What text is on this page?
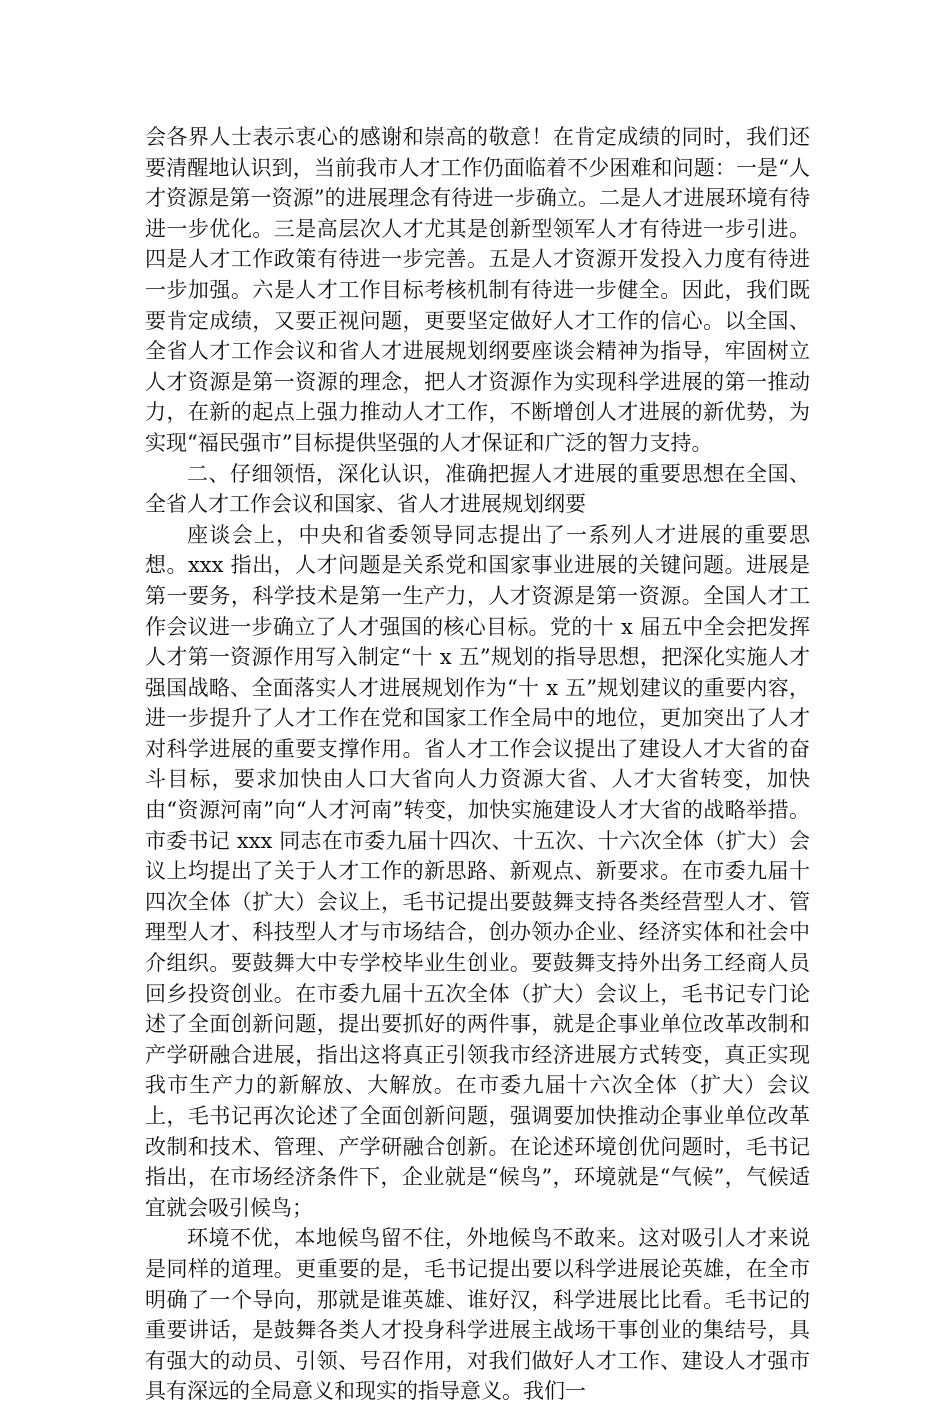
会各界人士表示衷心的感谢和崇高的敬意！在肯定成绩的同时，我们还要清醒地认识到，当前我市人才工作仍面临着不少困难和问题：一是“人才资源是第一资源”的进展理念有待进一步确立。二是人才进展环境有待进一步优化。三是高层次人才尤其是创新型领军人才有待进一步引进。四是人才工作政策有待进一步完善。五是人才资源开发投入力度有待进一步加强。六是人才工作目标考核机制有待进一步健全。因此，我们既要肯定成绩，又要正视问题，更要坚定做好人才工作的信心。以全国、全省人才工作会议和省人才进展规划纲要座谈会精神为指导，牢固树立人才资源是第一资源的理念，把人才资源作为实现科学进展的第一推动力，在新的起点上强力推动人才工作，不断增创人才进展的新优势，为实现“福民强市”目标提供坚强的人才保证和广泛的智力支持。

二、仔细领悟，深化认识，准确把握人才进展的重要思想在全国、全省人才工作会议和国家、省人才进展规划纲要

座谈会上，中央和省委领导同志提出了一系列人才进展的重要思想。xxx 指出，人才问题是关系党和国家事业进展的关键问题。进展是第一要务，科学技术是第一生产力，人才资源是第一资源。全国人才工作会议进一步确立了人才强国的核心目标。党的十 x 届五中全会把发挥人才第一资源作用写入制定“十 x 五”规划的指导思想，把深化实施人才强国战略、全面落实人才进展规划作为“十 x 五”规划建议的重要内容，进一步提升了人才工作在党和国家工作全局中的地位，更加突出了人才对科学进展的重要支撑作用。省人才工作会议提出了建设人才大省的奋斗目标，要求加快由人口大省向人力资源大省、人才大省转变，加快由“资源河南”向“人才河南”转变，加快实施建设人才大省的战略举措。市委书记 xxx 同志在市委九届十四次、十五次、十六次全体（扩大）会议上均提出了关于人才工作的新思路、新观点、新要求。在市委九届十四次全体（扩大）会议上，毛书记提出要鼓舞支持各类经营型人才、管理型人才、科技型人才与市场结合，创办领办企业、经济实体和社会中介组织。要鼓舞大中专学校毕业生创业。要鼓舞支持外出务工经商人员回乡投资创业。在市委九届十五次全体（扩大）会议上，毛书记专门论述了全面创新问题，提出要抓好的两件事，就是企事业单位改革改制和产学研融合进展，指出这将真正引领我市经济进展方式转变，真正实现我市生产力的新解放、大解放。在市委九届十六次全体（扩大）会议上，毛书记再次论述了全面创新问题，强调要加快推动企事业单位改革改制和技术、管理、产学研融合创新。在论述环境创优问题时，毛书记指出，在市场经济条件下，企业就是“候鸟”，环境就是“气候”，气候适宜就会吸引候鸟；

环境不优，本地候鸟留不住，外地候鸟不敢来。这对吸引人才来说是同样的道理。更重要的是，毛书记提出要以科学进展论英雄，在全市明确了一个导向，那就是谁英雄、谁好汉，科学进展比比看。毛书记的重要讲话，是鼓舞各类人才投身科学进展主战场干事创业的集结号，具有强大的动员、引领、号召作用，对我们做好人才工作、建设人才强市具有深远的全局意义和现实的指导意义。我们一
